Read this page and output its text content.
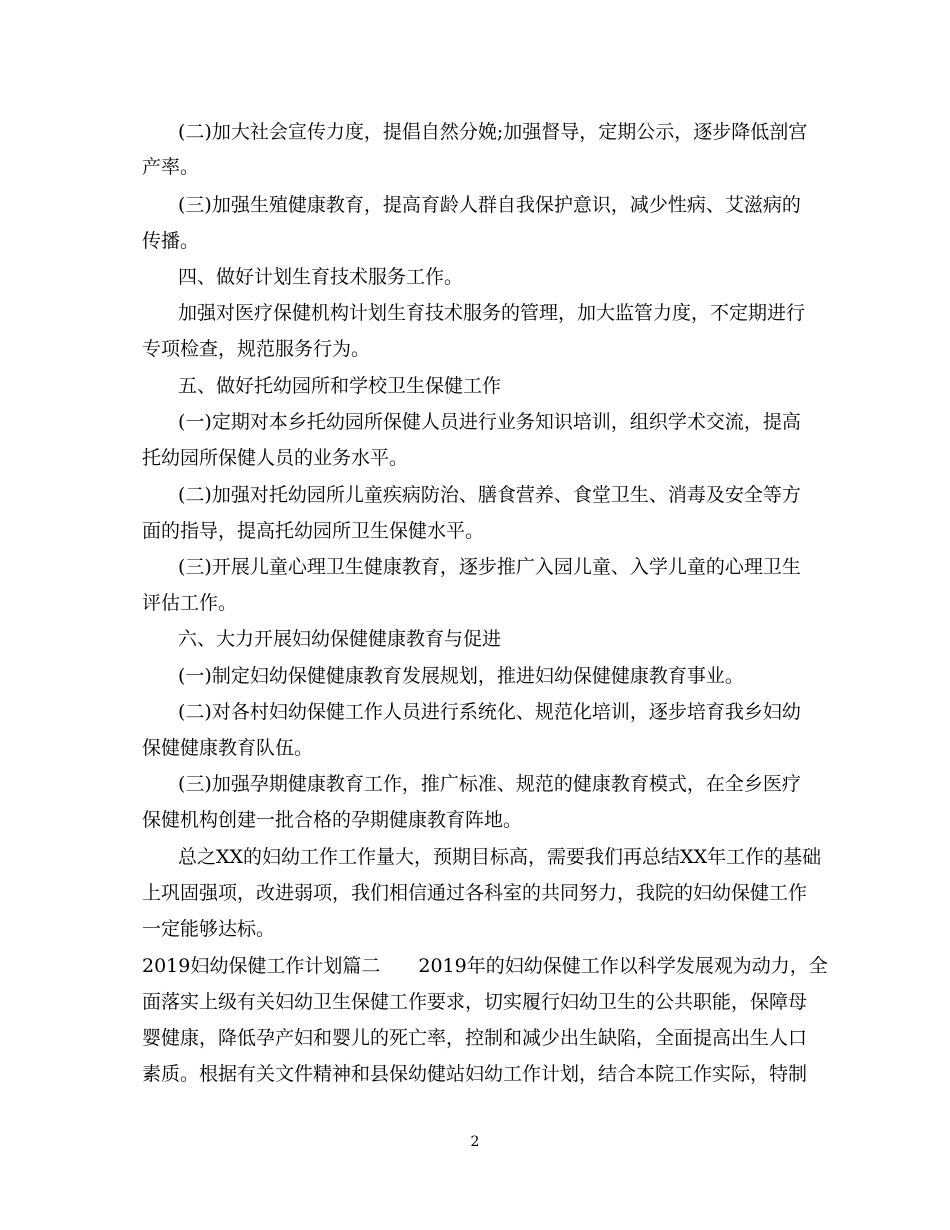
(二)加大社会宣传力度，提倡自然分娩;加强督导，定期公示，逐步降低剖宫
产率。
(三)加强生殖健康教育，提高育龄人群自我保护意识，减少性病、艾滋病的
传播。
四、做好计划生育技术服务工作。
加强对医疗保健机构计划生育技术服务的管理，加大监管力度，不定期进行
专项检查，规范服务行为。
五、做好托幼园所和学校卫生保健工作
(一)定期对本乡托幼园所保健人员进行业务知识培训，组织学术交流，提高
托幼园所保健人员的业务水平。
(二)加强对托幼园所儿童疾病防治、膳食营养、食堂卫生、消毒及安全等方
面的指导，提高托幼园所卫生保健水平。
(三)开展儿童心理卫生健康教育，逐步推广入园儿童、入学儿童的心理卫生
评估工作。
六、大力开展妇幼保健健康教育与促进
(一)制定妇幼保健健康教育发展规划，推进妇幼保健健康教育事业。
(二)对各村妇幼保健工作人员进行系统化、规范化培训，逐步培育我乡妇幼
保健健康教育队伍。
(三)加强孕期健康教育工作，推广标准、规范的健康教育模式，在全乡医疗
保健机构创建一批合格的孕期健康教育阵地。
总之XX的妇幼工作工作量大，预期目标高，需要我们再总结XX年工作的基础
上巩固强项，改进弱项，我们相信通过各科室的共同努力，我院的妇幼保健工作
一定能够达标。
2019妇幼保健工作计划篇二　　2019年的妇幼保健工作以科学发展观为动力，全
面落实上级有关妇幼卫生保健工作要求，切实履行妇幼卫生的公共职能，保障母
婴健康，降低孕产妇和婴儿的死亡率，控制和减少出生缺陷，全面提高出生人口
素质。根据有关文件精神和县保幼健站妇幼工作计划，结合本院工作实际，特制
2
